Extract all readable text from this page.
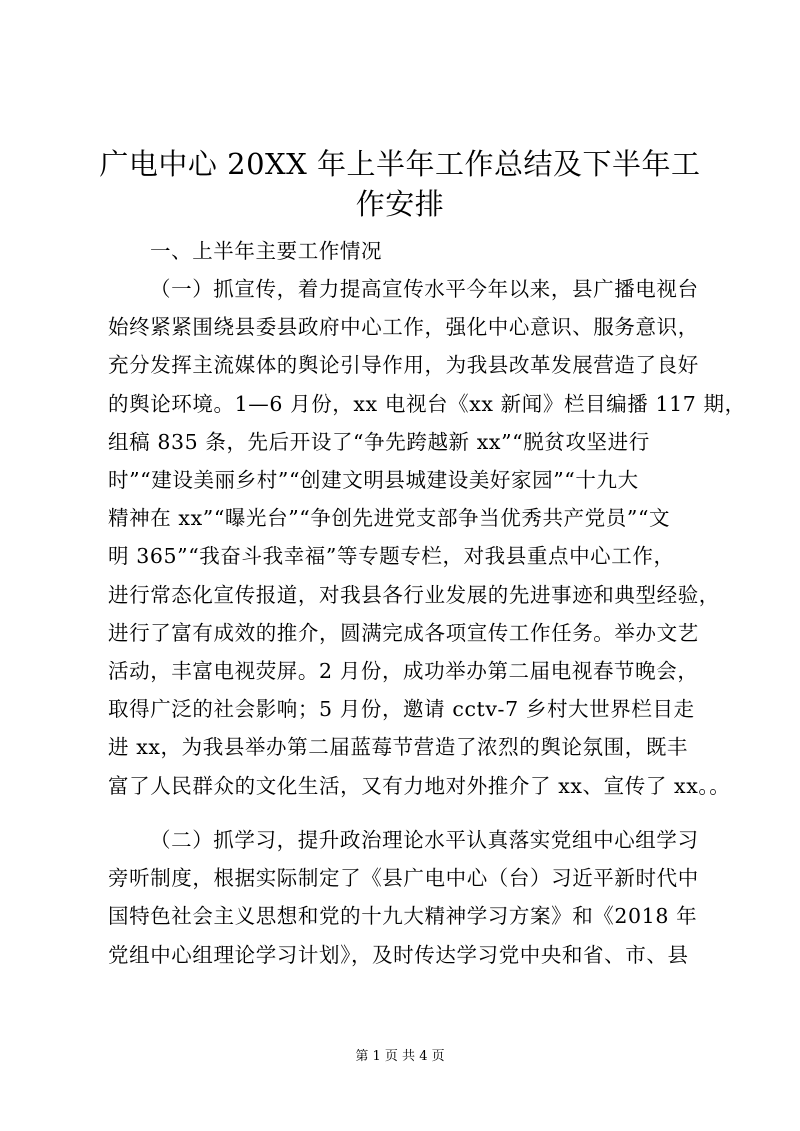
广电中心 20XX 年上半年工作总结及下半年工
作安排
一、上半年主要工作情况
（一）抓宣传，着力提高宣传水平今年以来，县广播电视台
始终紧紧围绕县委县政府中心工作，强化中心意识、服务意识，
充分发挥主流媒体的舆论引导作用，为我县改革发展营造了良好
的舆论环境。1—6 月份，xx 电视台《xx 新闻》栏目编播 117 期，
组稿 835 条，先后开设了“争先跨越新 xx”“脱贫攻坚进行
时”“建设美丽乡村”“创建文明县城建设美好家园”“十九大
精神在 xx”“曝光台”“争创先进党支部争当优秀共产党员”“文
明 365”“我奋斗我幸福”等专题专栏，对我县重点中心工作，
进行常态化宣传报道，对我县各行业发展的先进事迹和典型经验，
进行了富有成效的推介，圆满完成各项宣传工作任务。举办文艺
活动，丰富电视荧屏。2 月份，成功举办第二届电视春节晚会，
取得广泛的社会影响；5 月份，邀请 cctv-7 乡村大世界栏目走
进 xx，为我县举办第二届蓝莓节营造了浓烈的舆论氛围，既丰
富了人民群众的文化生活，又有力地对外推介了 xx、宣传了 xx。。
（二）抓学习，提升政治理论水平认真落实党组中心组学习
旁听制度，根据实际制定了《县广电中心（台）习近平新时代中
国特色社会主义思想和党的十九大精神学习方案》和《2018 年
党组中心组理论学习计划》，及时传达学习党中央和省、市、县
第 1 页 共 4 页
